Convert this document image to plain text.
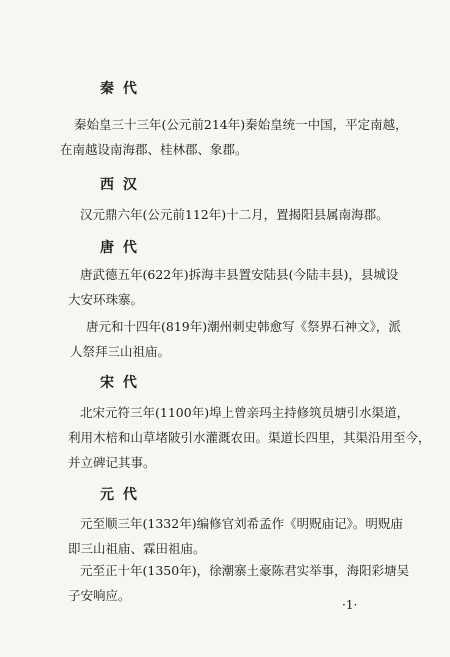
秦 代
秦始皇三十三年(公元前214年)秦始皇统一中国，平定南越，
在南越设南海郡、桂林郡、象郡。
西 汉
汉元鼎六年(公元前112年)十二月，置揭阳县属南海郡。
唐 代
唐武德五年(622年)拆海丰县置安陆县(今陆丰县)，县城设
大安环珠寨。
唐元和十四年(819年)潮州刺史韩愈写《祭界石神文》，派
人祭拜三山祖庙。
宋 代
北宋元符三年(1100年)埠上曾亲玛主持修筑员塘引水渠道，
利用木棓和山草堵陂引水灌溉农田。渠道长四里，其渠沿用至今，
并立碑记其事。
元 代
元至顺三年(1332年)编修官刘希孟作《明贶庙记》。明贶庙
即三山祖庙、霖田祖庙。
元至正十年(1350年)，徐潮寨土豪陈君实举事，海阳彩塘吴
子安响应。
·1·
